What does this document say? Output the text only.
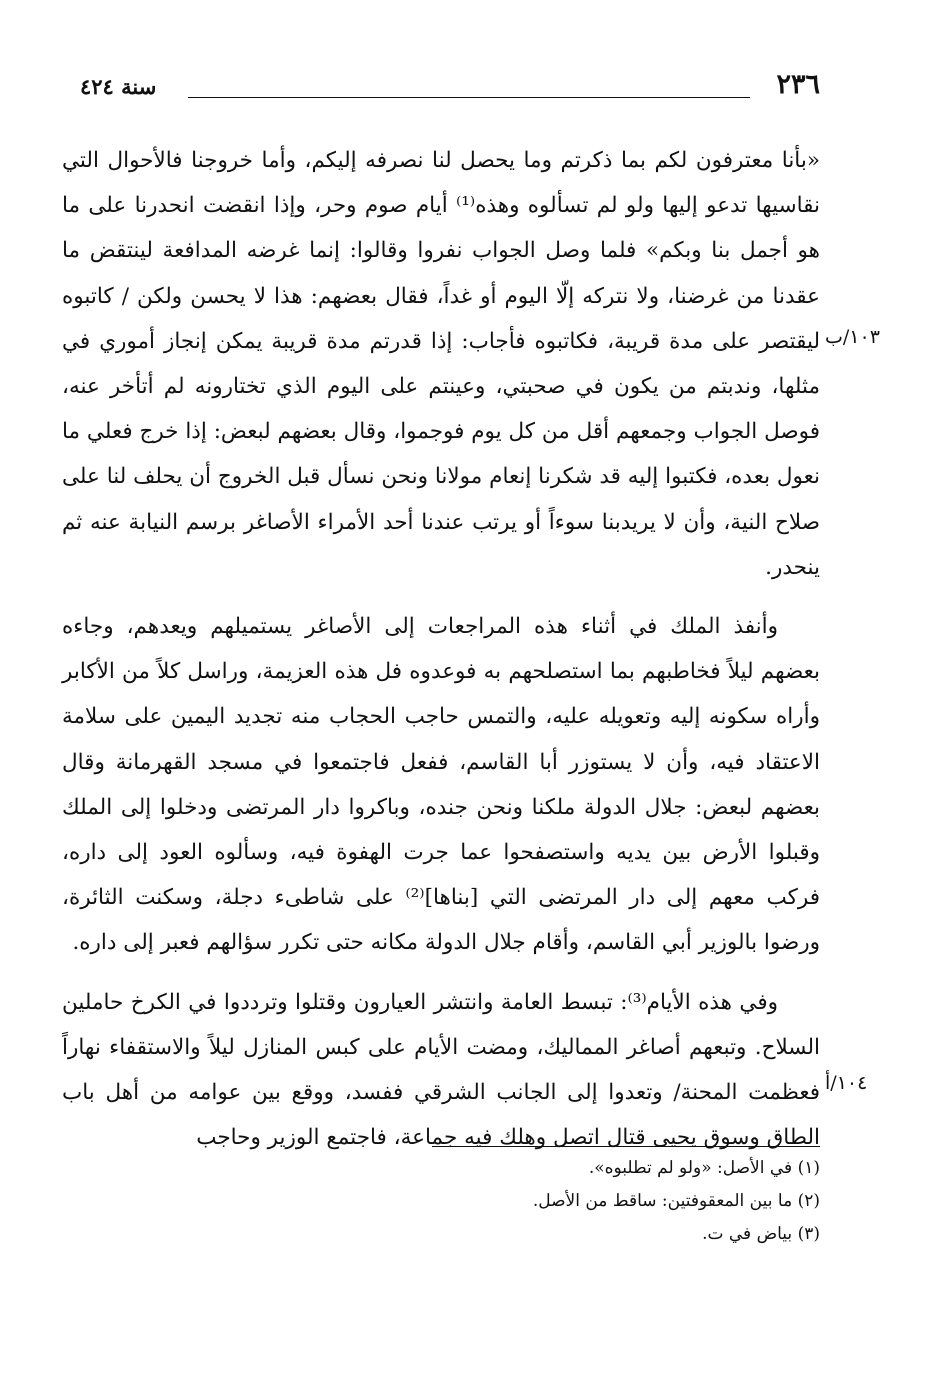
٢٣٦
سنة ٤٢٤
١٠٣/ب
١٠٤/أ

«بأنا معترفون لكم بما ذكرتم وما يحصل لنا نصرفه إليكم، وأما خروجنا فالأحوال التي نقاسيها تدعو إليها ولو لم تسألوه وهذه⁽¹⁾ أيام صوم وحر، وإذا انقضت انحدرنا على ما هو أجمل بنا وبكم» فلما وصل الجواب نفروا وقالوا: إنما غرضه المدافعة لينتقض ما عقدنا من غرضنا، ولا نتركه إلّا اليوم أو غداً، فقال بعضهم: هذا لا يحسن ولكن / كاتبوه ليقتصر على مدة قريبة، فكاتبوه فأجاب: إذا قدرتم مدة قريبة يمكن إنجاز أموري في مثلها، وندبتم من يكون في صحبتي، وعينتم على اليوم الذي تختارونه لم أتأخر عنه، فوصل الجواب وجمعهم أقل من كل يوم فوجموا، وقال بعضهم لبعض: إذا خرج فعلي ما نعول بعده، فكتبوا إليه قد شكرنا إنعام مولانا ونحن نسأل قبل الخروج أن يحلف لنا على صلاح النية، وأن لا يريدبنا سوءاً أو يرتب عندنا أحد الأمراء الأصاغر برسم النيابة عنه ثم ينحدر.

وأنفذ الملك في أثناء هذه المراجعات إلى الأصاغر يستميلهم ويعدهم، وجاءه بعضهم ليلاً فخاطبهم بما استصلحهم به فوعدوه فل هذه العزيمة، وراسل كلاً من الأكابر وأراه سكونه إليه وتعويله عليه، والتمس حاجب الحجاب منه تجديد اليمين على سلامة الاعتقاد فيه، وأن لا يستوزر أبا القاسم، ففعل فاجتمعوا في مسجد القهرمانة وقال بعضهم لبعض: جلال الدولة ملكنا ونحن جنده، وباكروا دار المرتضى ودخلوا إلى الملك وقبلوا الأرض بين يديه واستصفحوا عما جرت الهفوة فيه، وسألوه العود إلى داره، فركب معهم إلى دار المرتضى التي [بناها]⁽²⁾ على شاطىء دجلة، وسكنت الثائرة، ورضوا بالوزير أبي القاسم، وأقام جلال الدولة مكانه حتى تكرر سؤالهم فعبر إلى داره.

وفي هذه الأيام⁽³⁾: تبسط العامة وانتشر العيارون وقتلوا وترددوا في الكرخ حاملين السلاح. وتبعهم أصاغر المماليك، ومضت الأيام على كبس المنازل ليلاً والاستقفاء نهاراً فعظمت المحنة/ وتعدوا إلى الجانب الشرقي ففسد، ووقع بين عوامه من أهل باب الطاق وسوق يحيى قتال اتصل وهلك فيه جماعة، فاجتمع الوزير وحاجب

(١) في الأصل: «ولو لم تطلبوه».

(٢) ما بين المعقوفتين: ساقط من الأصل.

(٣) بياض في ت.
